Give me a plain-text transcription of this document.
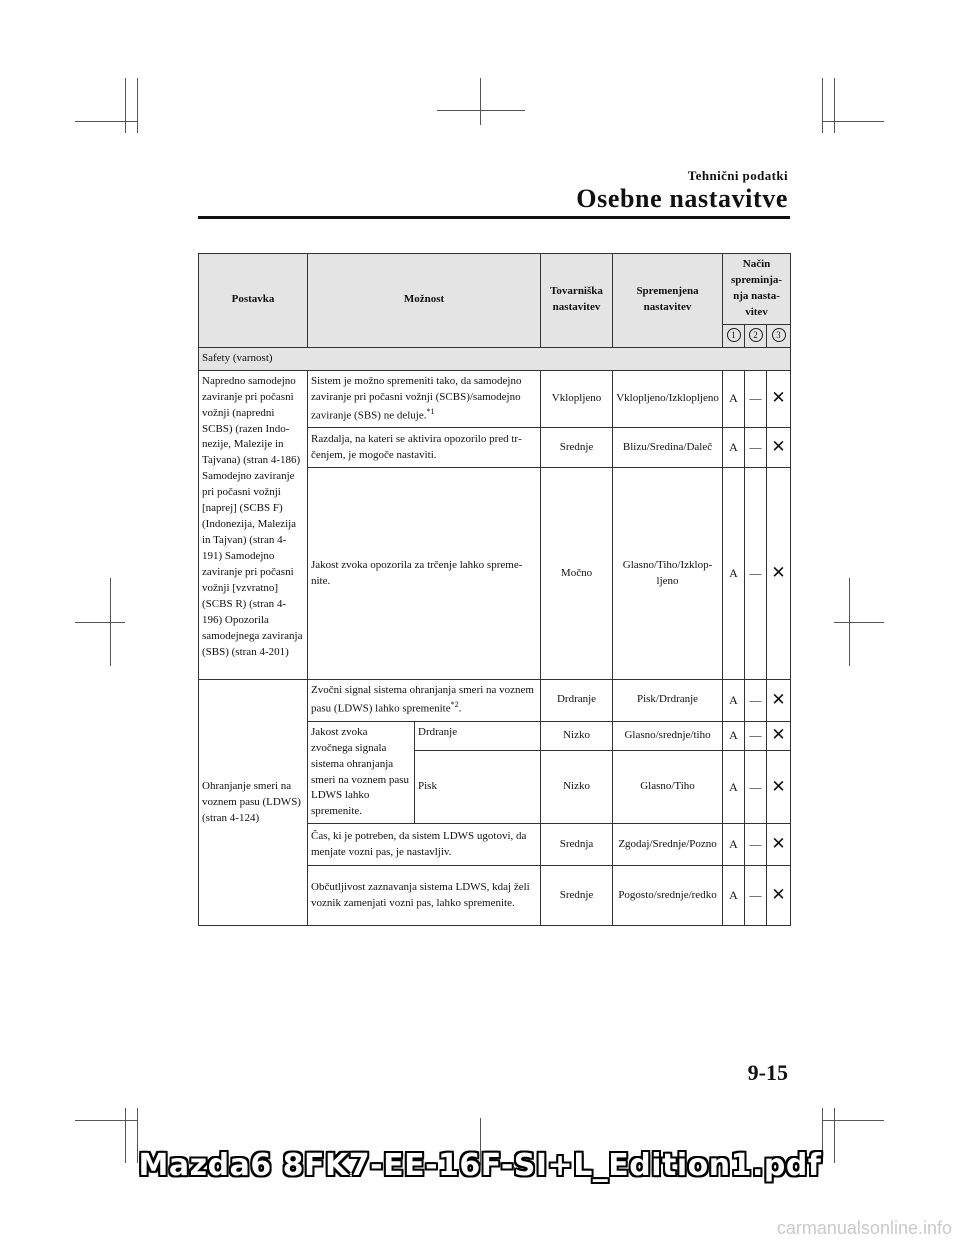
Tehnični podatki
Osebne nastavitve
Postavka	Možnost		Tovarniška nastavitev	Spremenjena nastavitev	Način spreminjanja nastavitev		
					1	2	3
Safety (varnost)							
Napredno samodejno zaviranje pri počasni vožnji (napredni SCBS) (razen Indonezije, Malezije in Tajvana) (stran 4-186) Samodejno zaviranje pri počasni vožnji [naprej] (SCBS F) (Indonezija, Malezija in Tajvan) (stran 4-191) Samodejno zaviranje pri počasni vožnji [vzvratno] (SCBS R) (stran 4-196) Opozorila samodejnega zaviranja (SBS) (stran 4-201)	Sistem je možno spremeniti tako, da samodejno zaviranje pri počasni vožnji (SCBS)/samodejno zaviranje (SBS) ne deluje.$^{*1}$		Vklopljeno	Vklopljeno/Izklopljeno	A	—	✕
	Razdalja, na kateri se aktivira opozorilo pred trčenjem, je mogoče nastaviti.		Srednje	Blizu/Sredina/Daleč	A	—	✕
	Jakost zvoka opozorila za trčenje lahko spremenite.		Močno	Glasno/Tiho/Izklopljeno	A	—	✕
Ohranjanje smeri na voznem pasu (LDWS) (stran 4-124)	Zvočni signal sistema ohranjanja smeri na voznem pasu (LDWS) lahko spremenite$^{*2}$.		Drdranje	Pisk/Drdranje	A	—	✕
	Jakost zvoka zvočnega signala sistema ohranjanja smeri na voznem pasu LDWS lahko spremenite.	Drdranje	Nizko	Glasno/srednje/tiho	A	—	✕
		Pisk	Nizko	Glasno/Tiho	A	—	✕
	Čas, ki je potreben, da sistem LDWS ugotovi, da menjate vozni pas, je nastavljiv.		Srednja	Zgodaj/Srednje/Pozno	A	—	✕
	Občutljivost zaznavanja sistema LDWS, kdaj želi voznik zamenjati vozni pas, lahko spremenite.		Srednje	Pogosto/srednje/redko	A	—	✕
9-15
Mazda6 8FK7-EE-16F-SI+L_Edition1.pdf
carmanualsonline.info
